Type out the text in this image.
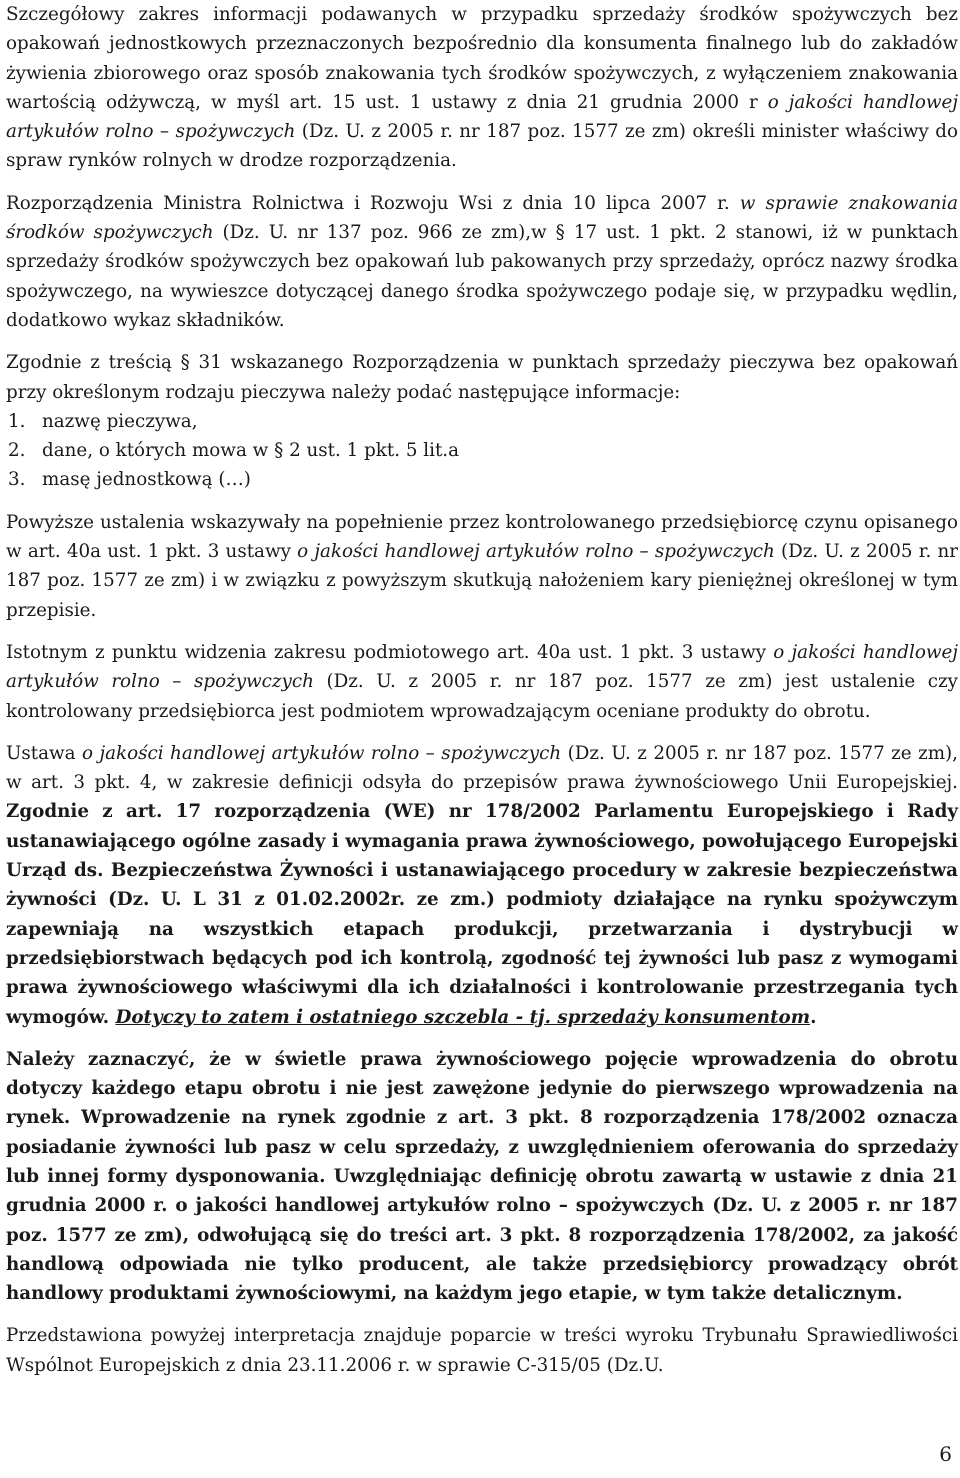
Szczegółowy zakres informacji podawanych w przypadku sprzedaży środków spożywczych bez opakowań jednostkowych przeznaczonych bezpośrednio dla konsumenta finalnego lub do zakładów żywienia zbiorowego oraz sposób znakowania tych środków spożywczych, z wyłączeniem znakowania wartością odżywczą, w myśl art. 15 ust. 1 ustawy z dnia 21 grudnia 2000 r o jakości handlowej artykułów rolno – spożywczych (Dz. U. z 2005 r. nr 187 poz. 1577 ze zm) określi minister właściwy do spraw rynków rolnych w drodze rozporządzenia.

Rozporządzenia Ministra Rolnictwa i Rozwoju Wsi z dnia 10 lipca 2007 r. w sprawie znakowania środków spożywczych (Dz. U. nr 137 poz. 966 ze zm),w § 17 ust. 1 pkt. 2 stanowi, iż w punktach sprzedaży środków spożywczych bez opakowań lub pakowanych przy sprzedaży, oprócz nazwy środka spożywczego, na wywieszce dotyczącej danego środka spożywczego podaje się, w przypadku wędlin, dodatkowo wykaz składników.

Zgodnie z treścią § 31 wskazanego Rozporządzenia w punktach sprzedaży pieczywa bez opakowań przy określonym rodzaju pieczywa należy podać następujące informacje:

1. nazwę pieczywa,
2. dane, o których mowa w § 2 ust. 1 pkt. 5 lit.a
3. masę jednostkową (…)

Powyższe ustalenia wskazywały na popełnienie przez kontrolowanego przedsiębiorcę czynu opisanego w art. 40a ust. 1 pkt. 3 ustawy o jakości handlowej artykułów rolno – spożywczych (Dz. U. z 2005 r. nr 187 poz. 1577 ze zm) i w związku z powyższym skutkują nałożeniem kary pieniężnej określonej w tym przepisie.

Istotnym z punktu widzenia zakresu podmiotowego art. 40a ust. 1 pkt. 3 ustawy o jakości handlowej artykułów rolno – spożywczych (Dz. U. z 2005 r. nr 187 poz. 1577 ze zm) jest ustalenie czy kontrolowany przedsiębiorca jest podmiotem wprowadzającym oceniane produkty do obrotu.

Ustawa o jakości handlowej artykułów rolno – spożywczych (Dz. U. z 2005 r. nr 187 poz. 1577 ze zm), w art. 3 pkt. 4, w zakresie definicji odsyła do przepisów prawa żywnościowego Unii Europejskiej. Zgodnie z art. 17 rozporządzenia (WE) nr 178/2002 Parlamentu Europejskiego i Rady ustanawiającego ogólne zasady i wymagania prawa żywnościowego, powołującego Europejski Urząd ds. Bezpieczeństwa Żywności i ustanawiającego procedury w zakresie bezpieczeństwa żywności (Dz. U. L 31 z 01.02.2002r. ze zm.) podmioty działające na rynku spożywczym zapewniają na wszystkich etapach produkcji, przetwarzania i dystrybucji w przedsiębiorstwach będących pod ich kontrolą, zgodność tej żywności lub pasz z wymogami prawa żywnościowego właściwymi dla ich działalności i kontrolowanie przestrzegania tych wymogów. Dotyczy to zatem i ostatniego szczebla - tj. sprzedaży konsumentom.

Należy zaznaczyć, że w świetle prawa żywnościowego pojęcie wprowadzenia do obrotu dotyczy każdego etapu obrotu i nie jest zawężone jedynie do pierwszego wprowadzenia na rynek. Wprowadzenie na rynek zgodnie z art. 3 pkt. 8 rozporządzenia 178/2002 oznacza posiadanie żywności lub pasz w celu sprzedaży, z uwzględnieniem oferowania do sprzedaży lub innej formy dysponowania. Uwzględniając definicję obrotu zawartą w ustawie z dnia 21 grudnia 2000 r. o jakości handlowej artykułów rolno – spożywczych (Dz. U. z 2005 r. nr 187 poz. 1577 ze zm), odwołującą się do treści art. 3 pkt. 8 rozporządzenia 178/2002, za jakość handlową odpowiada nie tylko producent, ale także przedsiębiorcy prowadzący obrót handlowy produktami żywnościowymi, na każdym jego etapie, w tym także detalicznym.

Przedstawiona powyżej interpretacja znajduje poparcie w treści wyroku Trybunału Sprawiedliwości Wspólnot Europejskich z dnia 23.11.2006 r. w sprawie C-315/05 (Dz.U.

6
